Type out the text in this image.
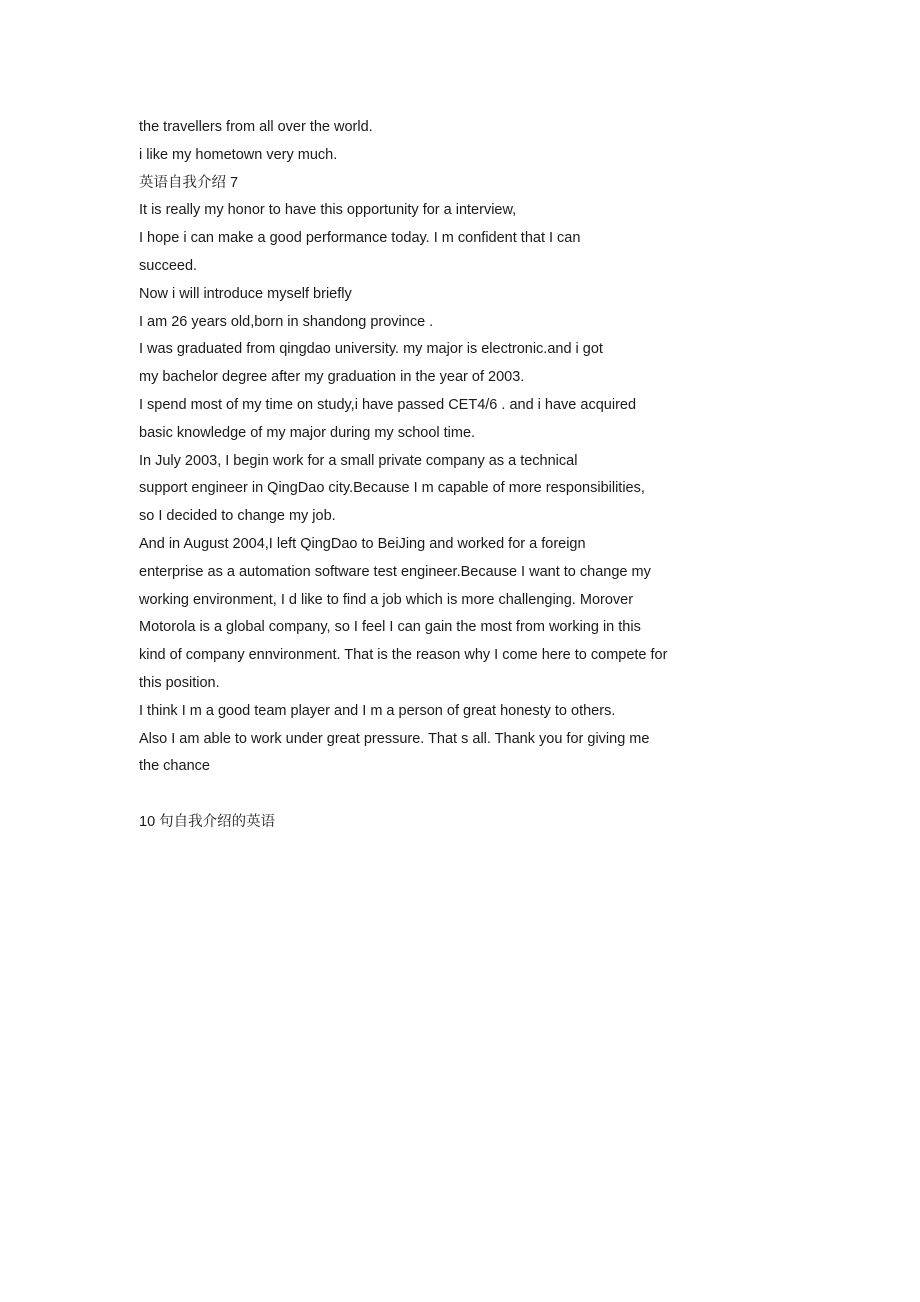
the travellers from all over the world.
i like my hometown very much.
英语自我介绍 7
It is really my honor to have this opportunity for a interview,
I hope i can make a good performance today. I m confident that I can
succeed.
Now i will introduce myself briefly
I am 26 years old,born in shandong province .
I was graduated from qingdao university. my major is electronic.and i got
my bachelor degree after my graduation in the year of 2003.
I spend most of my time on study,i have passed CET4/6 . and i have acquired
basic knowledge of my major during my school time.
In July 2003, I begin work for a small private company as a technical
support engineer in QingDao city.Because I m capable of more responsibilities,
so I decided to change my job.
And in August 2004,I left QingDao to BeiJing and worked for a foreign
enterprise as a automation software test engineer.Because I want to change my
working environment, I d like to find a job which is more challenging. Morover
Motorola is a global company, so I feel I can gain the most from working in this
kind of company ennvironment. That is the reason why I come here to compete for
this position.
I think I m a good team player and I m a person of great honesty to others.
Also I am able to work under great pressure. That s all. Thank you for giving me
the chance
10 句自我介绍的英语
